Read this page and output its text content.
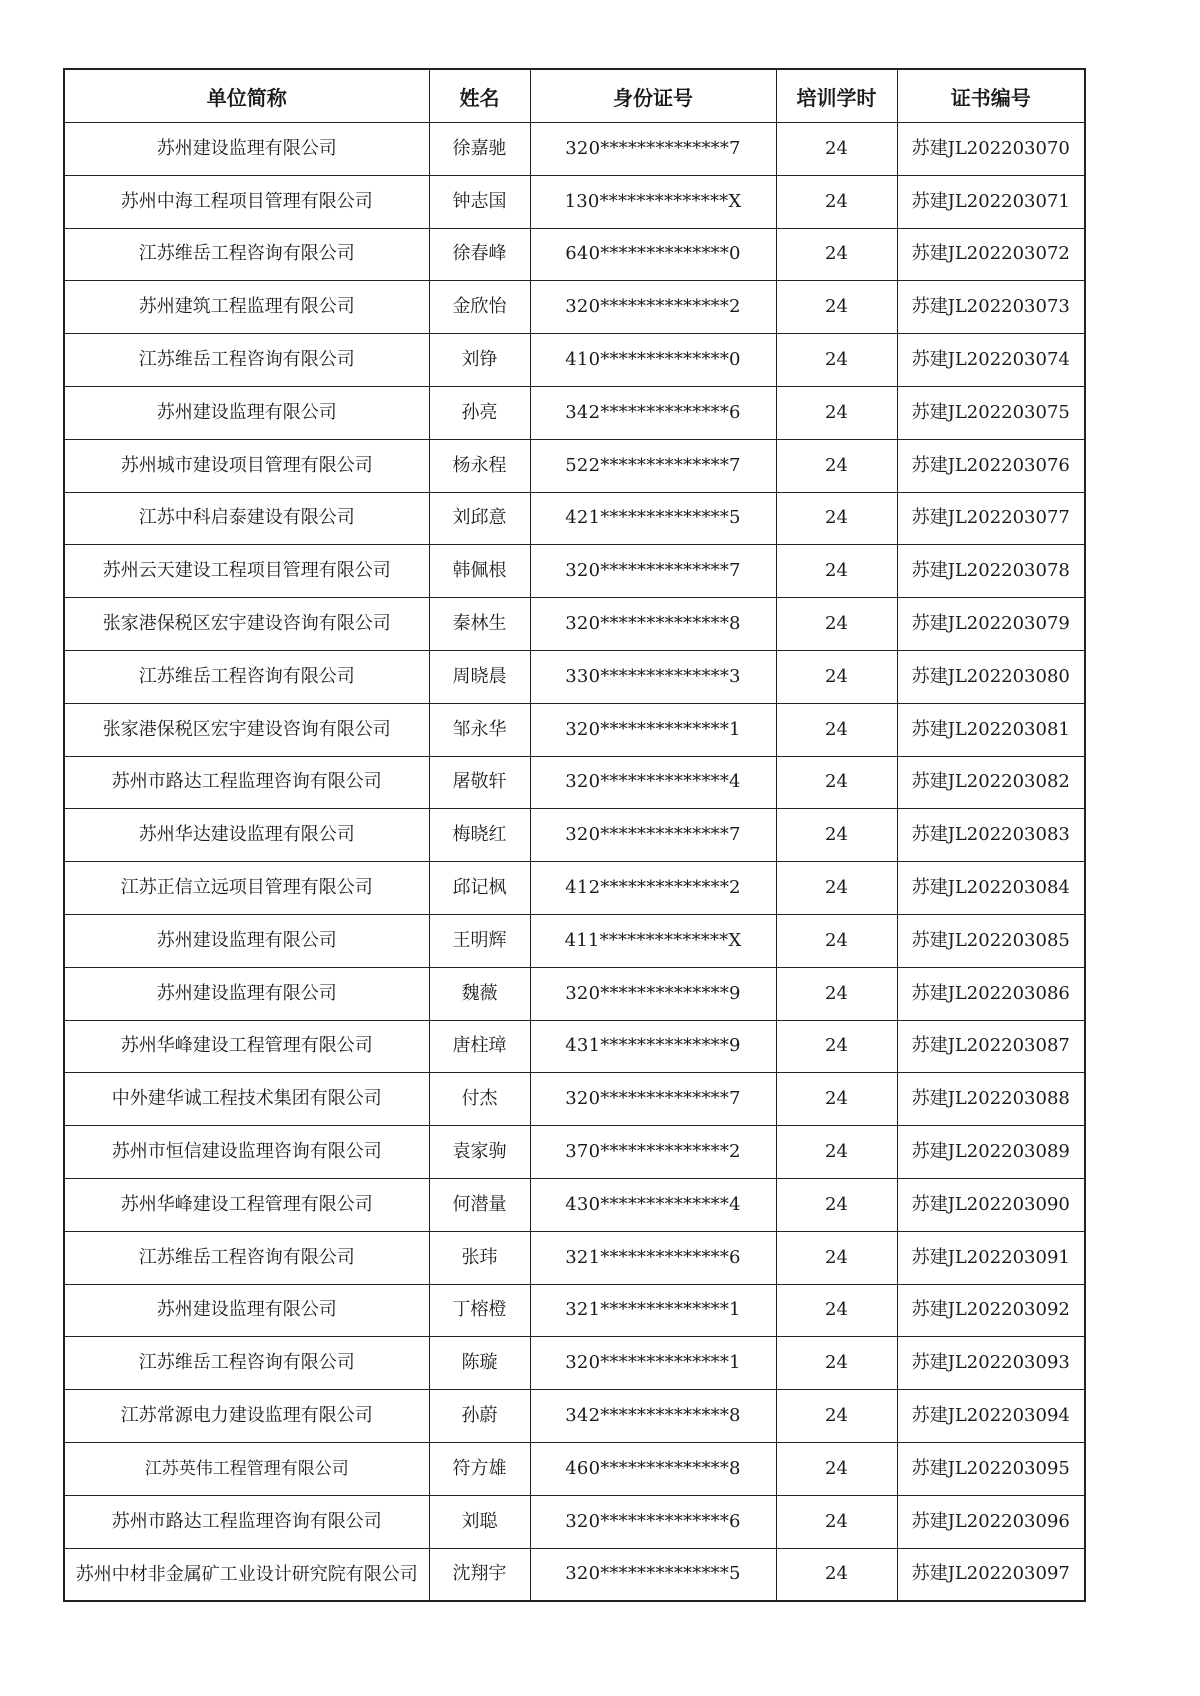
单位简称	姓名	身份证号	培训学时	证书编号
苏州建设监理有限公司	徐嘉驰	320**************7	24	苏建JL202203070
苏州中海工程项目管理有限公司	钟志国	130**************X	24	苏建JL202203071
江苏维岳工程咨询有限公司	徐春峰	640**************0	24	苏建JL202203072
苏州建筑工程监理有限公司	金欣怡	320**************2	24	苏建JL202203073
江苏维岳工程咨询有限公司	刘铮	410**************0	24	苏建JL202203074
苏州建设监理有限公司	孙亮	342**************6	24	苏建JL202203075
苏州城市建设项目管理有限公司	杨永程	522**************7	24	苏建JL202203076
江苏中科启泰建设有限公司	刘邱意	421**************5	24	苏建JL202203077
苏州云天建设工程项目管理有限公司	韩佩根	320**************7	24	苏建JL202203078
张家港保税区宏宇建设咨询有限公司	秦林生	320**************8	24	苏建JL202203079
江苏维岳工程咨询有限公司	周晓晨	330**************3	24	苏建JL202203080
张家港保税区宏宇建设咨询有限公司	邹永华	320**************1	24	苏建JL202203081
苏州市路达工程监理咨询有限公司	屠敬轩	320**************4	24	苏建JL202203082
苏州华达建设监理有限公司	梅晓红	320**************7	24	苏建JL202203083
江苏正信立远项目管理有限公司	邱记枫	412**************2	24	苏建JL202203084
苏州建设监理有限公司	王明辉	411**************X	24	苏建JL202203085
苏州建设监理有限公司	魏薇	320**************9	24	苏建JL202203086
苏州华峰建设工程管理有限公司	唐柱璋	431**************9	24	苏建JL202203087
中外建华诚工程技术集团有限公司	付杰	320**************7	24	苏建JL202203088
苏州市恒信建设监理咨询有限公司	袁家驹	370**************2	24	苏建JL202203089
苏州华峰建设工程管理有限公司	何潜量	430**************4	24	苏建JL202203090
江苏维岳工程咨询有限公司	张玮	321**************6	24	苏建JL202203091
苏州建设监理有限公司	丁榕橙	321**************1	24	苏建JL202203092
江苏维岳工程咨询有限公司	陈璇	320**************1	24	苏建JL202203093
江苏常源电力建设监理有限公司	孙蔚	342**************8	24	苏建JL202203094
江苏英伟工程管理有限公司	符方雄	460**************8	24	苏建JL202203095
苏州市路达工程监理咨询有限公司	刘聪	320**************6	24	苏建JL202203096
苏州中材非金属矿工业设计研究院有限公司	沈翔宇	320**************5	24	苏建JL202203097
